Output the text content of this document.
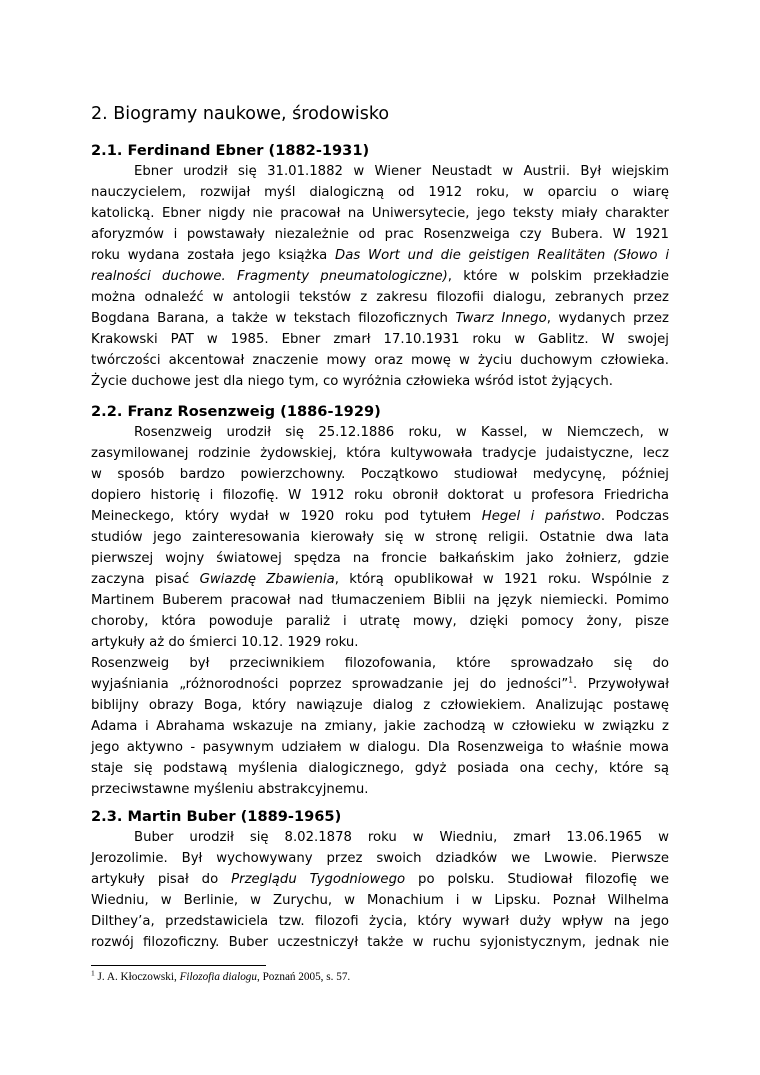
2. Biogramy naukowe, środowisko
2.1. Ferdinand Ebner (1882-1931)
Ebner urodził się 31.01.1882 w Wiener Neustadt w Austrii. Był wiejskim
nauczycielem, rozwijał myśl dialogiczną od 1912 roku, w oparciu o wiarę
katolicką. Ebner nigdy nie pracował na Uniwersytecie, jego teksty miały charakter
aforyzmów i powstawały niezależnie od prac Rosenzweiga czy Bubera. W 1921
roku wydana została jego książka Das Wort und die geistigen Realitäten (Słowo i
realności duchowe. Fragmenty pneumatologiczne), które w polskim przekładzie
można odnaleźć w antologii tekstów z zakresu filozofii dialogu, zebranych przez
Bogdana Barana, a także w tekstach filozoficznych Twarz Innego, wydanych przez
Krakowski PAT w 1985. Ebner zmarł 17.10.1931 roku w Gablitz. W swojej
twórczości akcentował znaczenie mowy oraz mowę w życiu duchowym człowieka.
Życie duchowe jest dla niego tym, co wyróżnia człowieka wśród istot żyjących.
2.2. Franz Rosenzweig (1886-1929)
Rosenzweig urodził się 25.12.1886 roku, w Kassel, w Niemczech, w
zasymilowanej rodzinie żydowskiej, która kultywowała tradycje judaistyczne, lecz
w sposób bardzo powierzchowny. Początkowo studiował medycynę, później
dopiero historię i filozofię. W 1912 roku obronił doktorat u profesora Friedricha
Meineckego, który wydał w 1920 roku pod tytułem Hegel i państwo. Podczas
studiów jego zainteresowania kierowały się w stronę religii. Ostatnie dwa lata
pierwszej wojny światowej spędza na froncie bałkańskim jako żołnierz, gdzie
zaczyna pisać Gwiazdę Zbawienia, którą opublikował w 1921 roku. Wspólnie z
Martinem Buberem pracował nad tłumaczeniem Biblii na język niemiecki. Pomimo
choroby, która powoduje paraliż i utratę mowy, dzięki pomocy żony, pisze
artykuły aż do śmierci 10.12. 1929 roku.
Rosenzweig był przeciwnikiem filozofowania, które sprowadzało się do
wyjaśniania „różnorodności poprzez sprowadzanie jej do jedności”$^1$. Przywoływał
biblijny obrazy Boga, który nawiązuje dialog z człowiekiem. Analizując postawę
Adama i Abrahama wskazuje na zmiany, jakie zachodzą w człowieku w związku z
jego aktywno - pasywnym udziałem w dialogu. Dla Rosenzweiga to właśnie mowa
staje się podstawą myślenia dialogicznego, gdyż posiada ona cechy, które są
przeciwstawne myśleniu abstrakcyjnemu.
2.3. Martin Buber (1889-1965)
Buber urodził się 8.02.1878 roku w Wiedniu, zmarł 13.06.1965 w
Jerozolimie. Był wychowywany przez swoich dziadków we Lwowie. Pierwsze
artykuły pisał do Przeglądu Tygodniowego po polsku. Studiował filozofię we
Wiedniu, w Berlinie, w Zurychu, w Monachium i w Lipsku. Poznał Wilhelma
Dilthey’a, przedstawiciela tzw. filozofi życia, który wywarł duży wpływ na jego
rozwój filozoficzny. Buber uczestniczył także w ruchu syjonistycznym, jednak nie
$^1$ J. A. Kłoczowski, Filozofia dialogu, Poznań 2005, s. 57.
